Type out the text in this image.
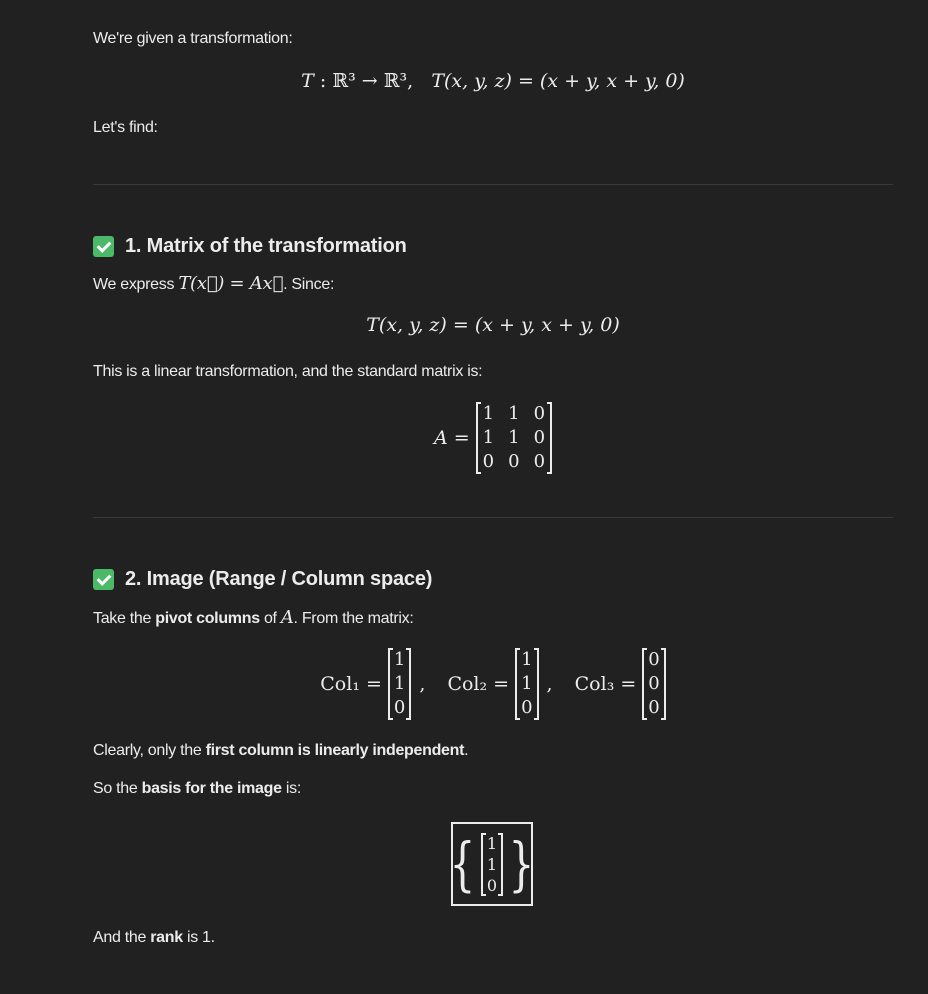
We're given a transformation:
T : ℝ³ → ℝ³, T(x, y, z) = (x + y, x + y, 0)
Let's find:
1. Matrix of the transformation
We express T(x⃗) = Ax⃗. Since:
T(x, y, z) = (x + y, x + y, 0)
This is a linear transformation, and the standard matrix is:
A =
1 1 0
1 1 0
0 0 0
2. Image (Range / Column space)
Take the pivot columns of A. From the matrix:
Col₁ =
1
1
0
,
Col₂ =
1
1
0
,
Col₃ =
0
0
0
Clearly, only the first column is linearly independent.
So the basis for the image is:
{ 1
1
0 }
And the rank is 1.
